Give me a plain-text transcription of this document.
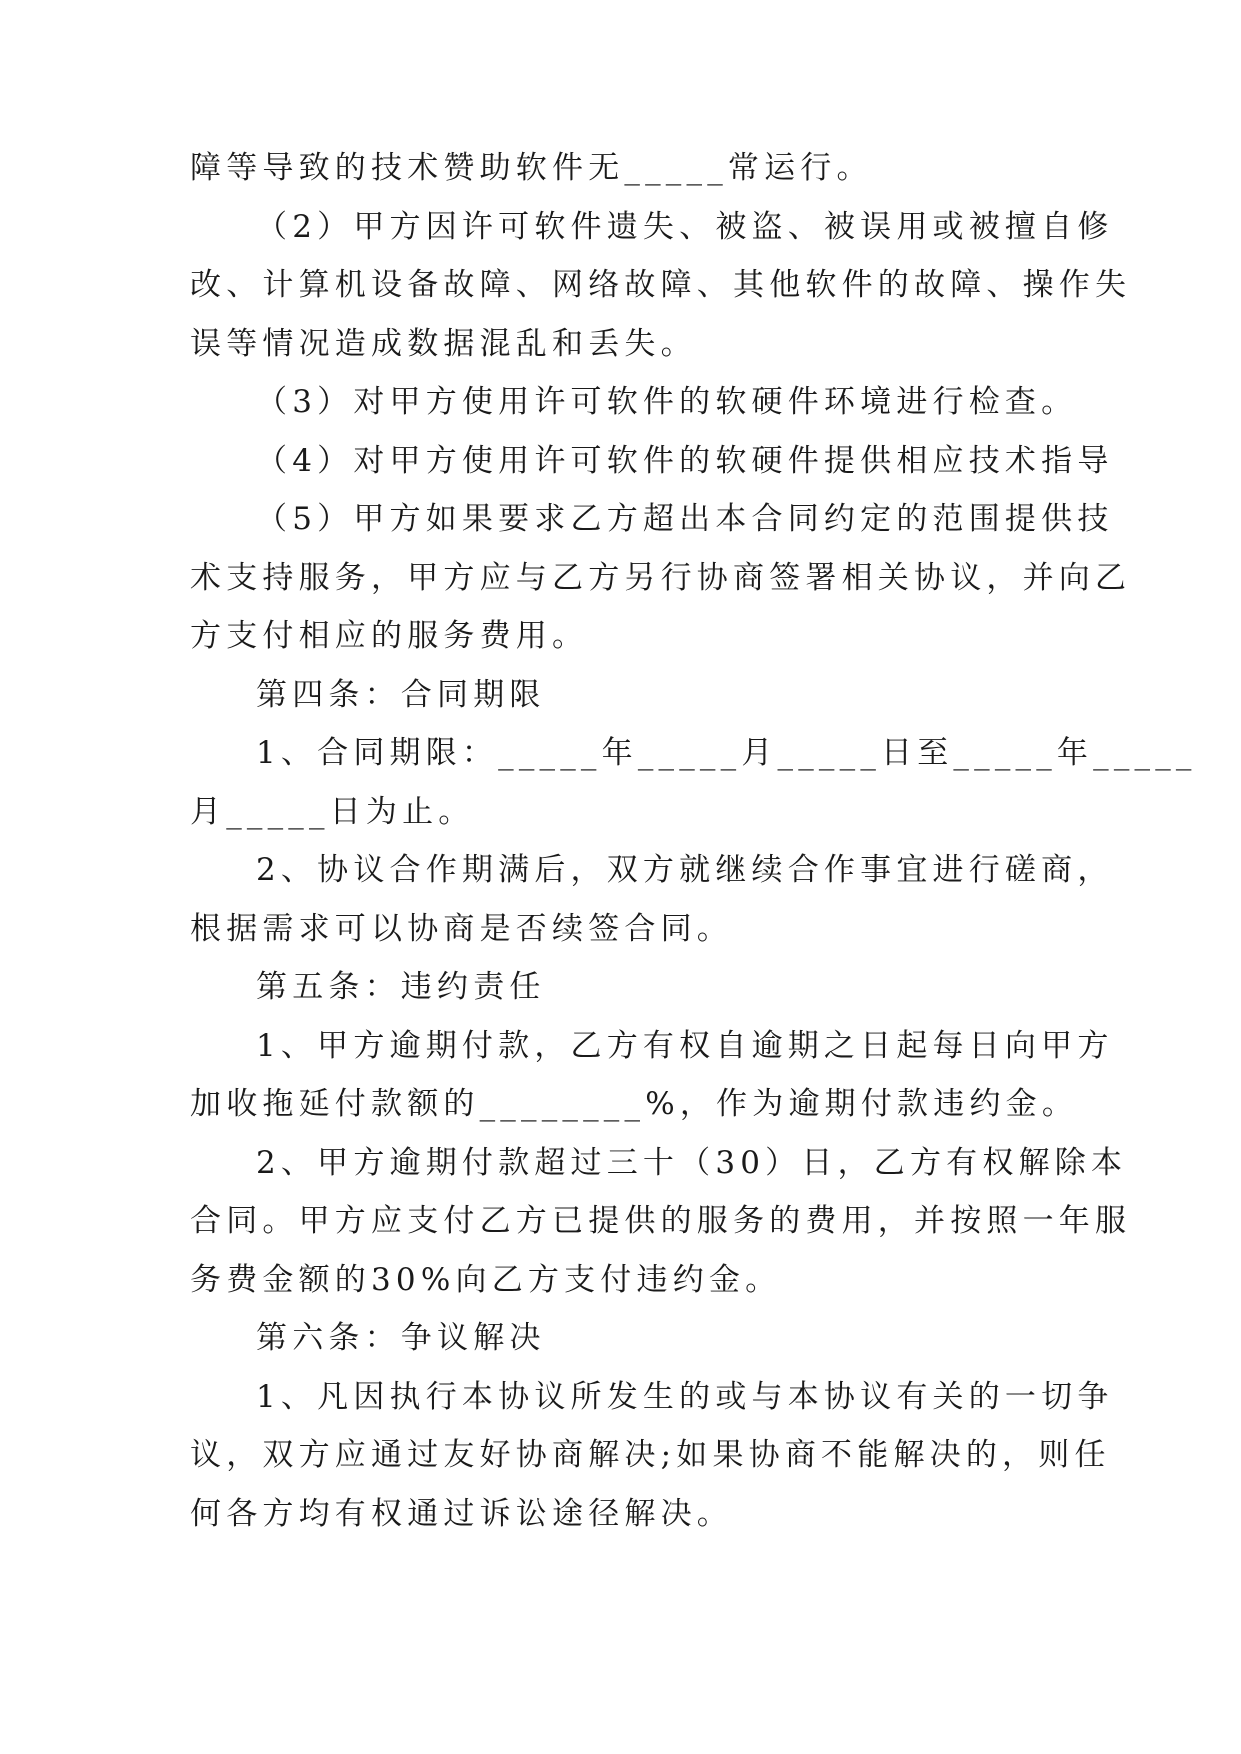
障等导致的技术赞助软件无_____常运行。
（2）甲方因许可软件遗失、被盗、被误用或被擅自修
改、计算机设备故障、网络故障、其他软件的故障、操作失
误等情况造成数据混乱和丢失。
（3）对甲方使用许可软件的软硬件环境进行检查。
（4）对甲方使用许可软件的软硬件提供相应技术指导
（5）甲方如果要求乙方超出本合同约定的范围提供技
术支持服务，甲方应与乙方另行协商签署相关协议，并向乙
方支付相应的服务费用。
第四条：合同期限
1、合同期限：_____年_____月_____日至_____年_____
月_____日为止。
2、协议合作期满后，双方就继续合作事宜进行磋商，
根据需求可以协商是否续签合同。
第五条：违约责任
1、甲方逾期付款，乙方有权自逾期之日起每日向甲方
加收拖延付款额的________%，作为逾期付款违约金。
2、甲方逾期付款超过三十（30）日，乙方有权解除本
合同。甲方应支付乙方已提供的服务的费用，并按照一年服
务费金额的30%向乙方支付违约金。
第六条：争议解决
1、凡因执行本协议所发生的或与本协议有关的一切争
议，双方应通过友好协商解决;如果协商不能解决的，则任
何各方均有权通过诉讼途径解决。
